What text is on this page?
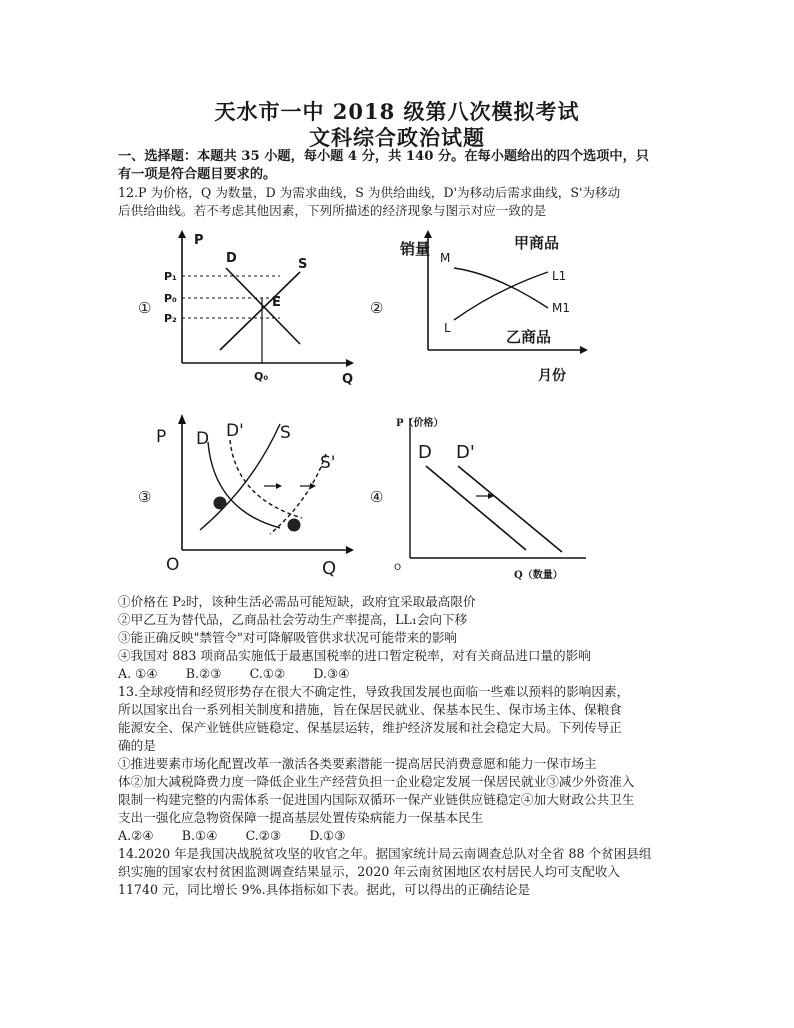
天水市一中 2018 级第八次模拟考试
文科综合政治试题
一、选择题：本题共 35 小题，每小题 4 分，共 140 分。在每小题给出的四个选项中，只
有一项是符合题目要求的。
12.P 为价格，Q 为数量，D 为需求曲线，S 为供给曲线，D'为移动后需求曲线，S'为移动
后供给曲线。若不考虑其他因素，下列所描述的经济现象与图示对应一致的是
①
P
Q
D	S
E
P₁
P₀
P₂
Q₀
②
销量
月份
M
L
L1
M1
甲商品
乙商品
③
P
Q
O
D D' S
S'
④
P（价格）
Q（数量）
O
D D'
①价格在 P₂时，该种生活必需品可能短缺，政府宜采取最高限价
②甲乙互为替代品，乙商品社会劳动生产率提高，LL₁会向下移
③能正确反映"禁管令"对可降解吸管供求状况可能带来的影响
④我国对 883 项商品实施低于最惠国税率的进口暂定税率，对有关商品进口量的影响
A. ①④ B.②③ C.①② D.③④
13.全球疫情和经贸形势存在很大不确定性，导致我国发展也面临一些难以预料的影响因素，
所以国家出台一系列相关制度和措施，旨在保居民就业、保基本民生、保市场主体、保粮食
能源安全、保产业链供应链稳定、保基层运转，维护经济发展和社会稳定大局。下列传导正
确的是
①推进要素市场化配置改革一激活各类要素潜能一提高居民消费意愿和能力一保市场主
体②加大减税降费力度一降低企业生产经营负担一企业稳定发展一保居民就业③减少外资准入
限制一构建完整的内需体系一促进国内国际双循环一保产业链供应链稳定④加大财政公共卫生
支出一强化应急物资保障一提高基层处置传染病能力一保基本民生
A.②④ B.①④ C.②③ D.①③
14.2020 年是我国决战脱贫攻坚的收官之年。据国家统计局云南调查总队对全省 88 个贫困县组
织实施的国家农村贫困监测调查结果显示，2020 年云南贫困地区农村居民人均可支配收入
11740 元，同比增长 9%.具体指标如下表。据此，可以得出的正确结论是
